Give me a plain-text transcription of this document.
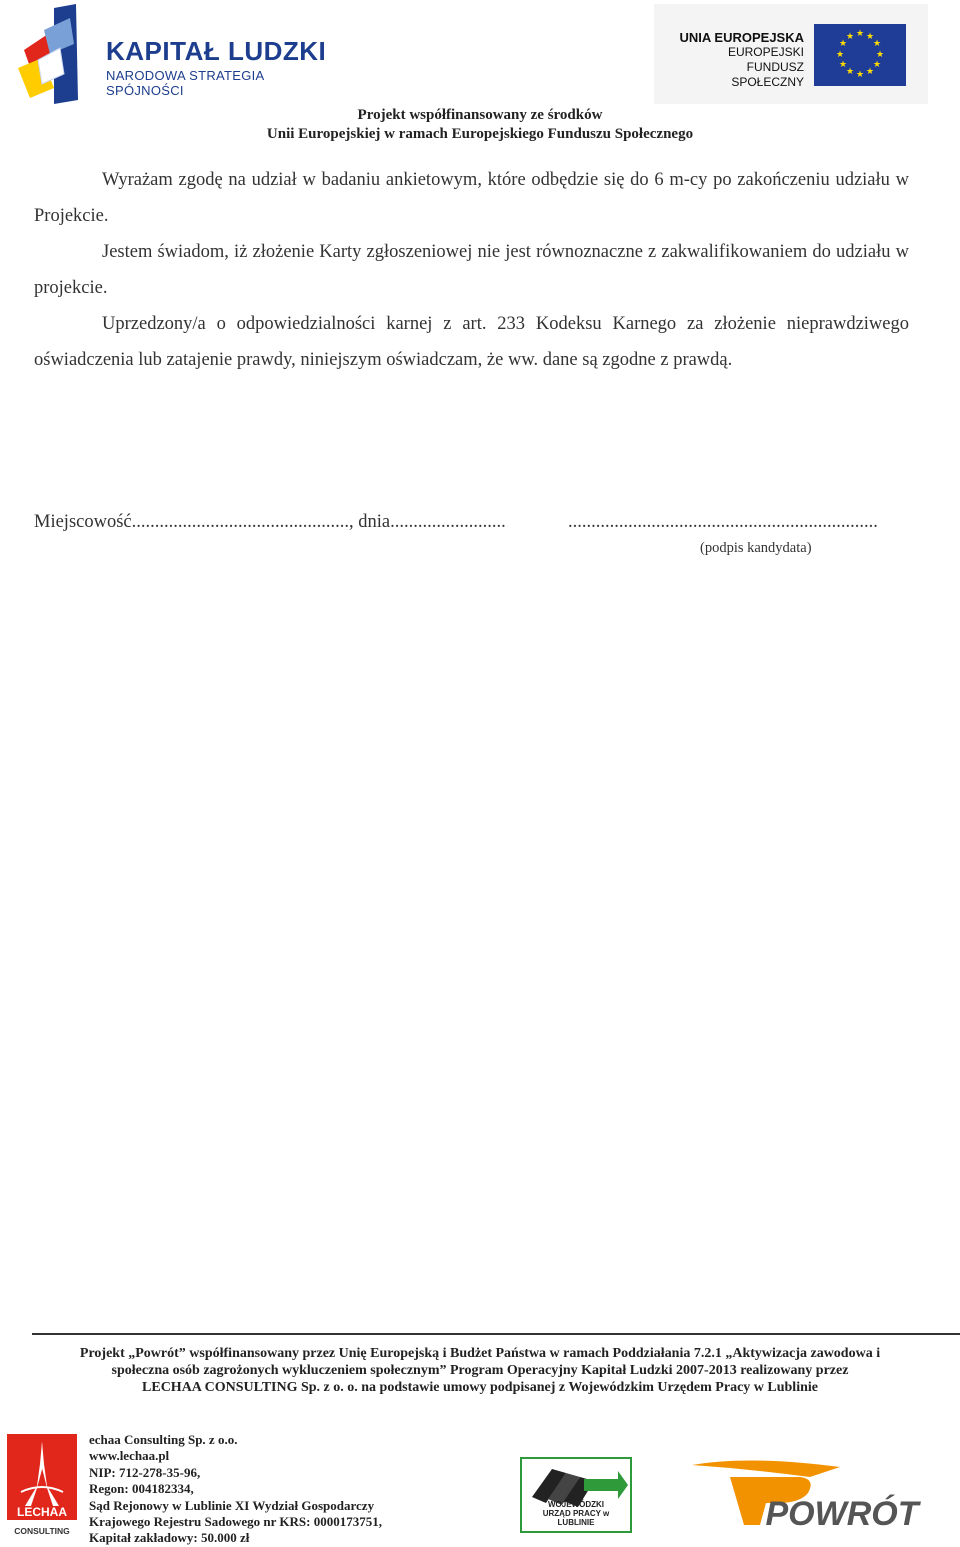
KAPITAŁ LUDZKI
NARODOWA STRATEGIA SPÓJNOŚCI
UNIA EUROPEJSKA
EUROPEJSKI
FUNDUSZ SPOŁECZNY
★ ★
★
★
★
★
★
★
★
★
★
★
Projekt współfinansowany ze środków
Unii Europejskiej w ramach Europejskiego Funduszu Społecznego
Wyrażam zgodę na udział w badaniu ankietowym, które odbędzie się do 6 m-cy po zakończeniu udziału w Projekcie.
Jestem świadom, iż złożenie Karty zgłoszeniowej nie jest równoznaczne z zakwalifikowaniem do udziału w projekcie.
Uprzedzony/a o odpowiedzialności karnej z art. 233 Kodeksu Karnego za złożenie nieprawdziwego oświadczenia lub zatajenie prawdy, niniejszym oświadczam, że ww. dane są zgodne z prawdą.
Miejscowość..............................................., dnia.........................	...................................................................
(podpis kandydata)
Projekt „Powrót” współfinansowany przez Unię Europejską i Budżet Państwa w ramach Poddziałania 7.2.1 „Aktywizacja zawodowa i
społeczna osób zagrożonych wykluczeniem społecznym” Program Operacyjny Kapitał Ludzki 2007-2013 realizowany przez
LECHAA CONSULTING Sp. z o. o. na podstawie umowy podpisanej z Wojewódzkim Urzędem Pracy w Lublinie
LECHAA
CONSULTING
echaa Consulting Sp. z o.o.
www.lechaa.pl
NIP: 712-278-35-96,
Regon: 004182334,
Sąd Rejonowy w Lublinie XI Wydział Gospodarczy
Krajowego Rejestru Sadowego nr KRS: 0000173751,
Kapitał zakładowy: 50.000 zł
WOJEWÓDZKI
URZĄD PRACY w LUBLINIE	POWRÓT
